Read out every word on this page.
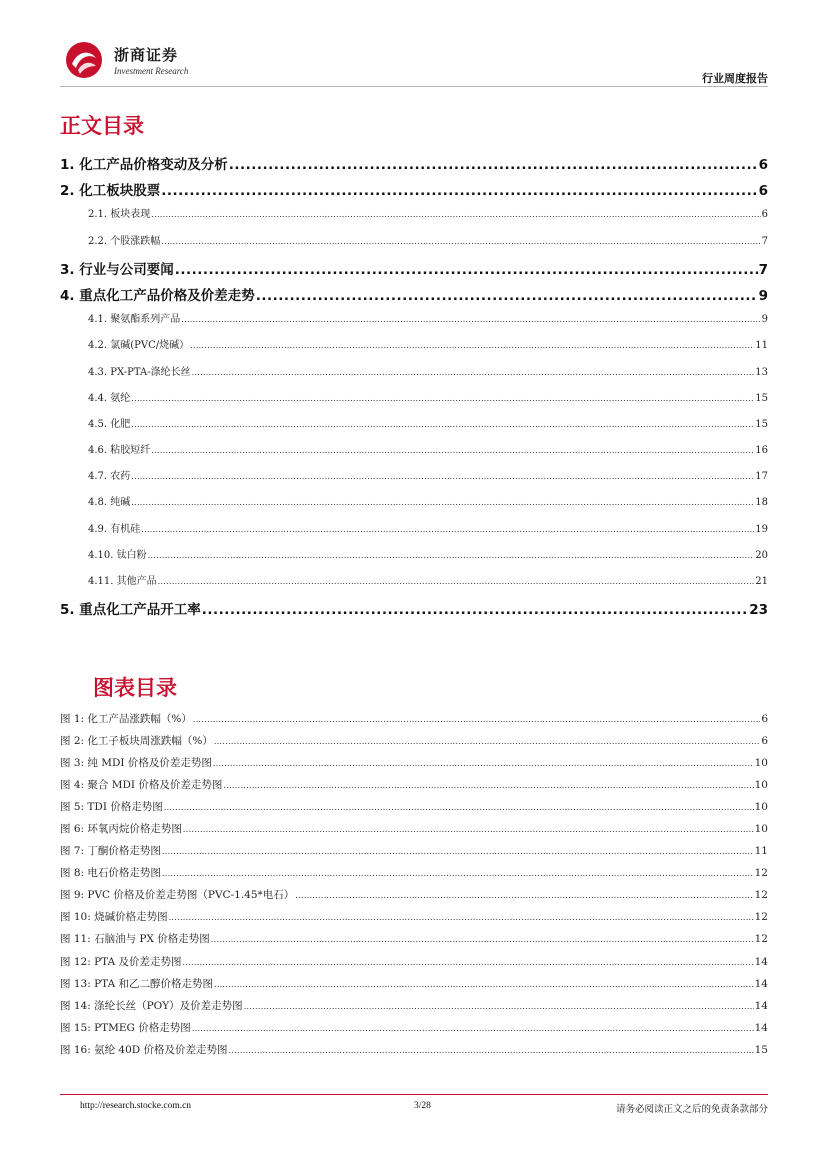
浙商证券
Investment Research
行业周度报告
正文目录
1. 化工产品价格变动及分析 .....	6
2. 化工板块股票 .....	6
2.1. 板块表现 .....	6
2.2. 个股涨跌幅 .....	7
3. 行业与公司要闻 .....	7
4. 重点化工产品价格及价差走势 .....	9
4.1. 聚氨酯系列产品 .....	9
4.2. 氯碱(PVC/烧碱） .....	11
4.3. PX-PTA-涤纶长丝 .....	13
4.4. 氨纶 .....	15
4.5. 化肥 .....	15
4.6. 粘胶短纤 .....	16
4.7. 农药 .....	17
4.8. 纯碱 .....	18
4.9. 有机硅 .....	19
4.10. 钛白粉 .....	20
4.11. 其他产品 .....	21
5. 重点化工产品开工率 .....	23
图表目录
图 1: 化工产品涨跌幅（%） .....	6
图 2: 化工子板块周涨跌幅（%） .....	6
图 3: 纯 MDI 价格及价差走势图 .....	10
图 4: 聚合 MDI 价格及价差走势图 .....	10
图 5: TDI 价格走势图 .....	10
图 6: 环氧丙烷价格走势图 .....	10
图 7: 丁酮价格走势图 .....	11
图 8: 电石价格走势图 .....	12
图 9: PVC 价格及价差走势图（PVC-1.45*电石） .....	12
图 10: 烧碱价格走势图 .....	12
图 11: 石脑油与 PX 价格走势图 .....	12
图 12: PTA 及价差走势图 .....	14
图 13: PTA 和乙二醇价格走势图 .....	14
图 14: 涤纶长丝（POY）及价差走势图 .....	14
图 15: PTMEG 价格走势图 .....	14
图 16: 氨纶 40D 价格及价差走势图 .....	15
http://research.stocke.com.cn	3/28	请务必阅读正文之后的免责条款部分
